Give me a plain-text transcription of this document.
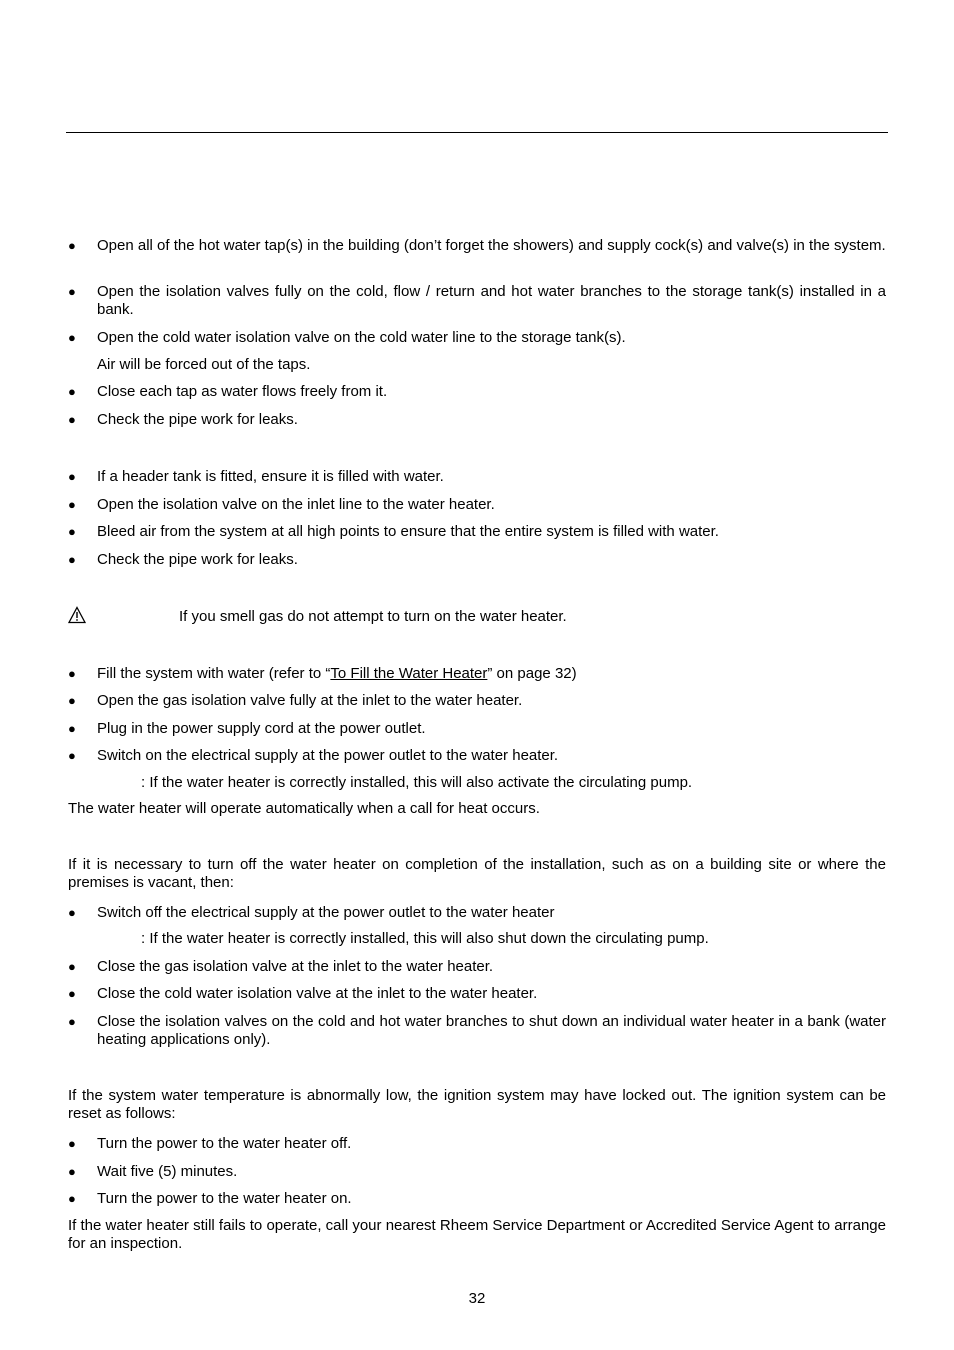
● Open all of the hot water tap(s) in the building (don’t forget the showers) and supply cock(s) and valve(s) in the system.

● Open the isolation valves fully on the cold, flow / return and hot water branches to the storage tank(s) installed in a bank.

● Open the cold water isolation valve on the cold water line to the storage tank(s).

Air will be forced out of the taps.

● Close each tap as water flows freely from it.

● Check the pipe work for leaks.

● If a header tank is fitted, ensure it is filled with water.

● Open the isolation valve on the inlet line to the water heater.

● Bleed air from the system at all high points to ensure that the entire system is filled with water.

● Check the pipe work for leaks.

If you smell gas do not attempt to turn on the water heater.

● Fill the system with water (refer to “To Fill the Water Heater” on page 32)

● Open the gas isolation valve fully at the inlet to the water heater.

● Plug in the power supply cord at the power outlet.

● Switch on the electrical supply at the power outlet to the water heater.

: If the water heater is correctly installed, this will also activate the circulating pump.

The water heater will operate automatically when a call for heat occurs.

If it is necessary to turn off the water heater on completion of the installation, such as on a building site or where the premises is vacant, then:

● Switch off the electrical supply at the power outlet to the water heater

: If the water heater is correctly installed, this will also shut down the circulating pump.

● Close the gas isolation valve at the inlet to the water heater.

● Close the cold water isolation valve at the inlet to the water heater.

● Close the isolation valves on the cold and hot water branches to shut down an individual water heater in a bank (water heating applications only).

If the system water temperature is abnormally low, the ignition system may have locked out. The ignition system can be reset as follows:

● Turn the power to the water heater off.

● Wait five (5) minutes.

● Turn the power to the water heater on.

If the water heater still fails to operate, call your nearest Rheem Service Department or Accredited Service Agent to arrange for an inspection.

32
